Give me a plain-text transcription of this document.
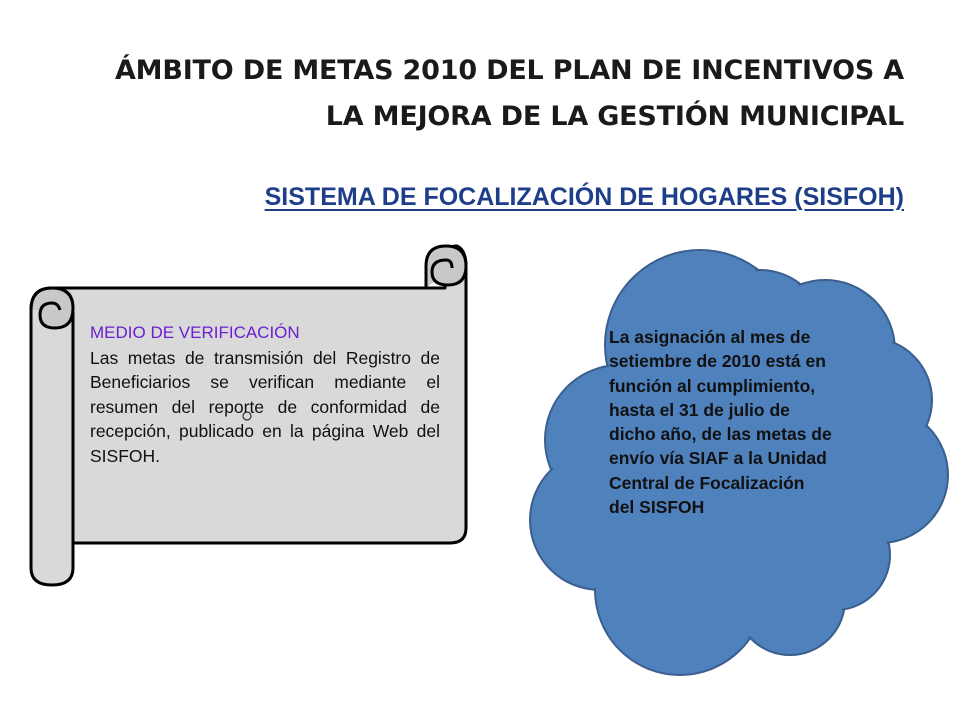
ÁMBITO DE METAS 2010 DEL PLAN DE INCENTIVOS A
LA MEJORA DE LA GESTIÓN MUNICIPAL
SISTEMA DE FOCALIZACIÓN DE HOGARES (SISFOH)
MEDIO DE VERIFICACIÓN
Las metas de transmisión del Registro de Beneficiarios se verifican mediante el resumen del reporte de conformidad de recepción, publicado en la página Web del SISFOH.
La asignación al mes de
setiembre de 2010 está en
función al cumplimiento,
hasta el 31 de julio de
dicho año, de las metas de
envío vía SIAF a la Unidad
Central de Focalización
del SISFOH
